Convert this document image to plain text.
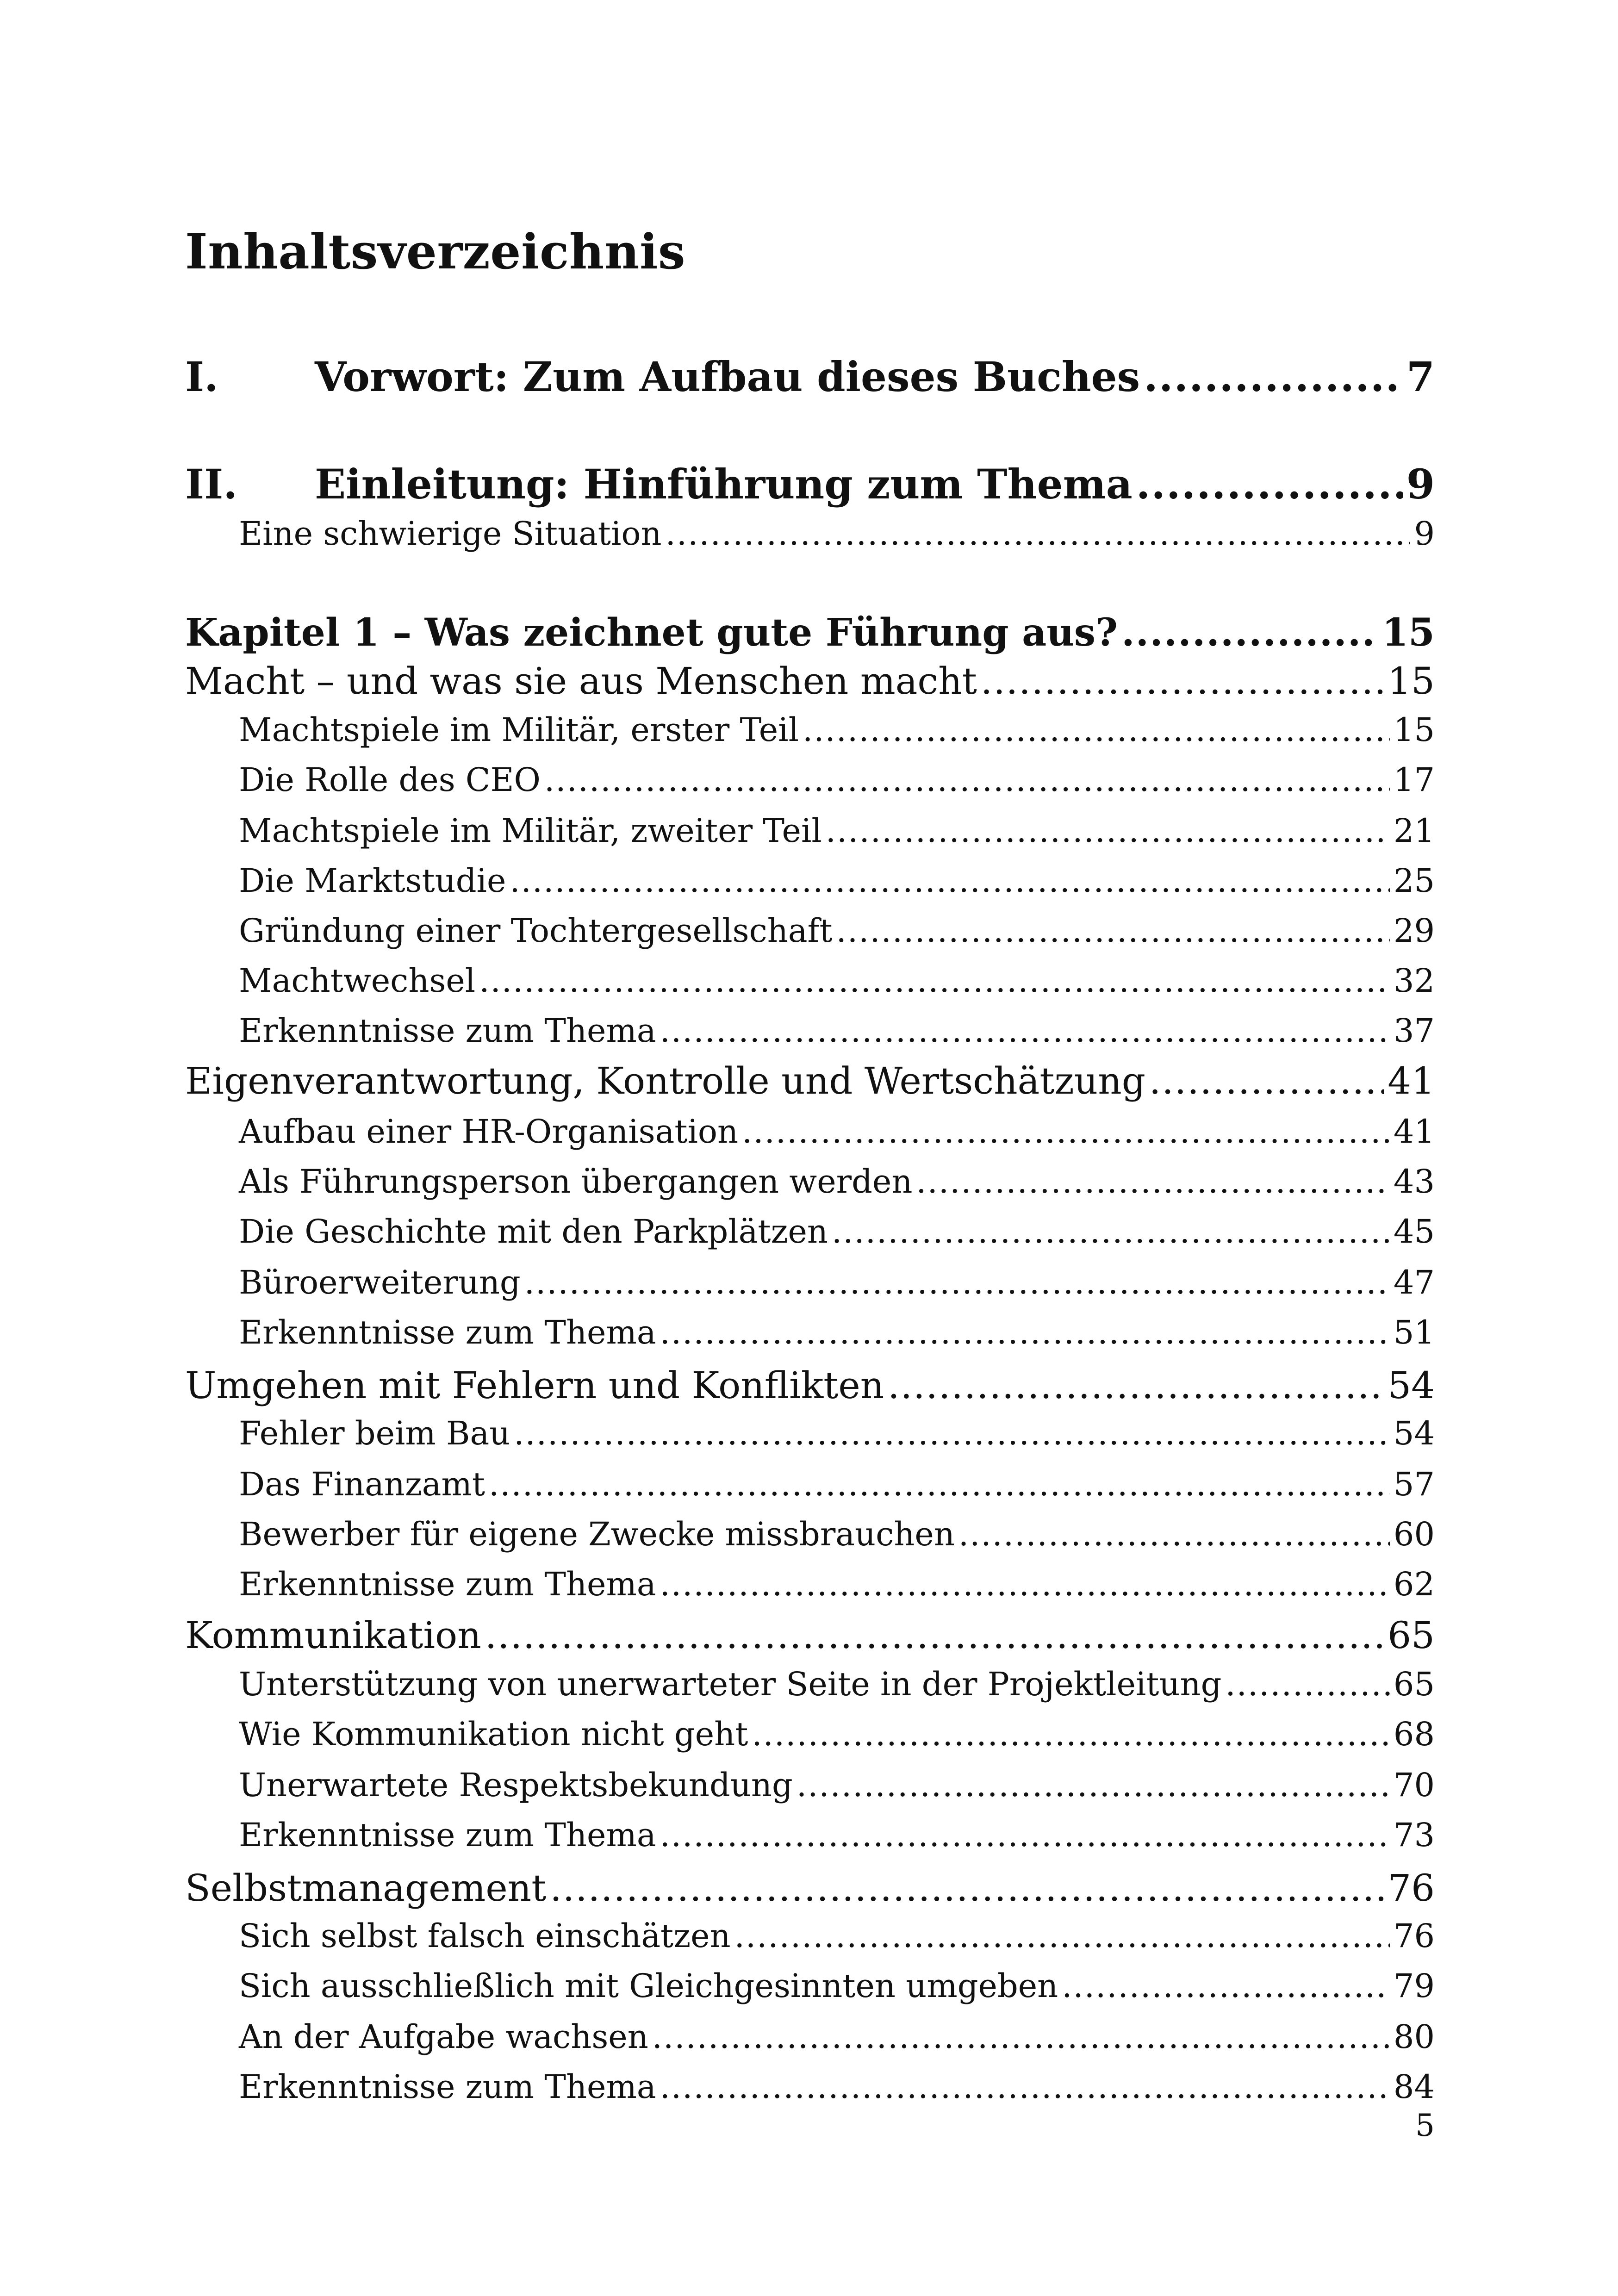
Inhaltsverzeichnis
I.	Vorwort: Zum Aufbau dieses Buches .....	7
II.	Einleitung: Hinführung zum Thema .....	9
Eine schwierige Situation .....	9
Kapitel 1 – Was zeichnet gute Führung aus? .....	15
Macht – und was sie aus Menschen macht .....	15
Machtspiele im Militär, erster Teil .....	15
Die Rolle des CEO .....	17
Machtspiele im Militär, zweiter Teil .....	21
Die Marktstudie .....	25
Gründung einer Tochtergesellschaft .....	29
Machtwechsel .....	32
Erkenntnisse zum Thema .....	37
Eigenverantwortung, Kontrolle und Wertschätzung .....	41
Aufbau einer HR-Organisation .....	41
Als Führungsperson übergangen werden .....	43
Die Geschichte mit den Parkplätzen .....	45
Büroerweiterung .....	47
Erkenntnisse zum Thema .....	51
Umgehen mit Fehlern und Konflikten .....	54
Fehler beim Bau .....	54
Das Finanzamt .....	57
Bewerber für eigene Zwecke missbrauchen .....	60
Erkenntnisse zum Thema .....	62
Kommunikation .....	65
Unterstützung von unerwarteter Seite in der Projektleitung .....	65
Wie Kommunikation nicht geht .....	68
Unerwartete Respektsbekundung .....	70
Erkenntnisse zum Thema .....	73
Selbstmanagement .....	76
Sich selbst falsch einschätzen .....	76
Sich ausschließlich mit Gleichgesinnten umgeben .....	79
An der Aufgabe wachsen .....	80
Erkenntnisse zum Thema .....	84
5
